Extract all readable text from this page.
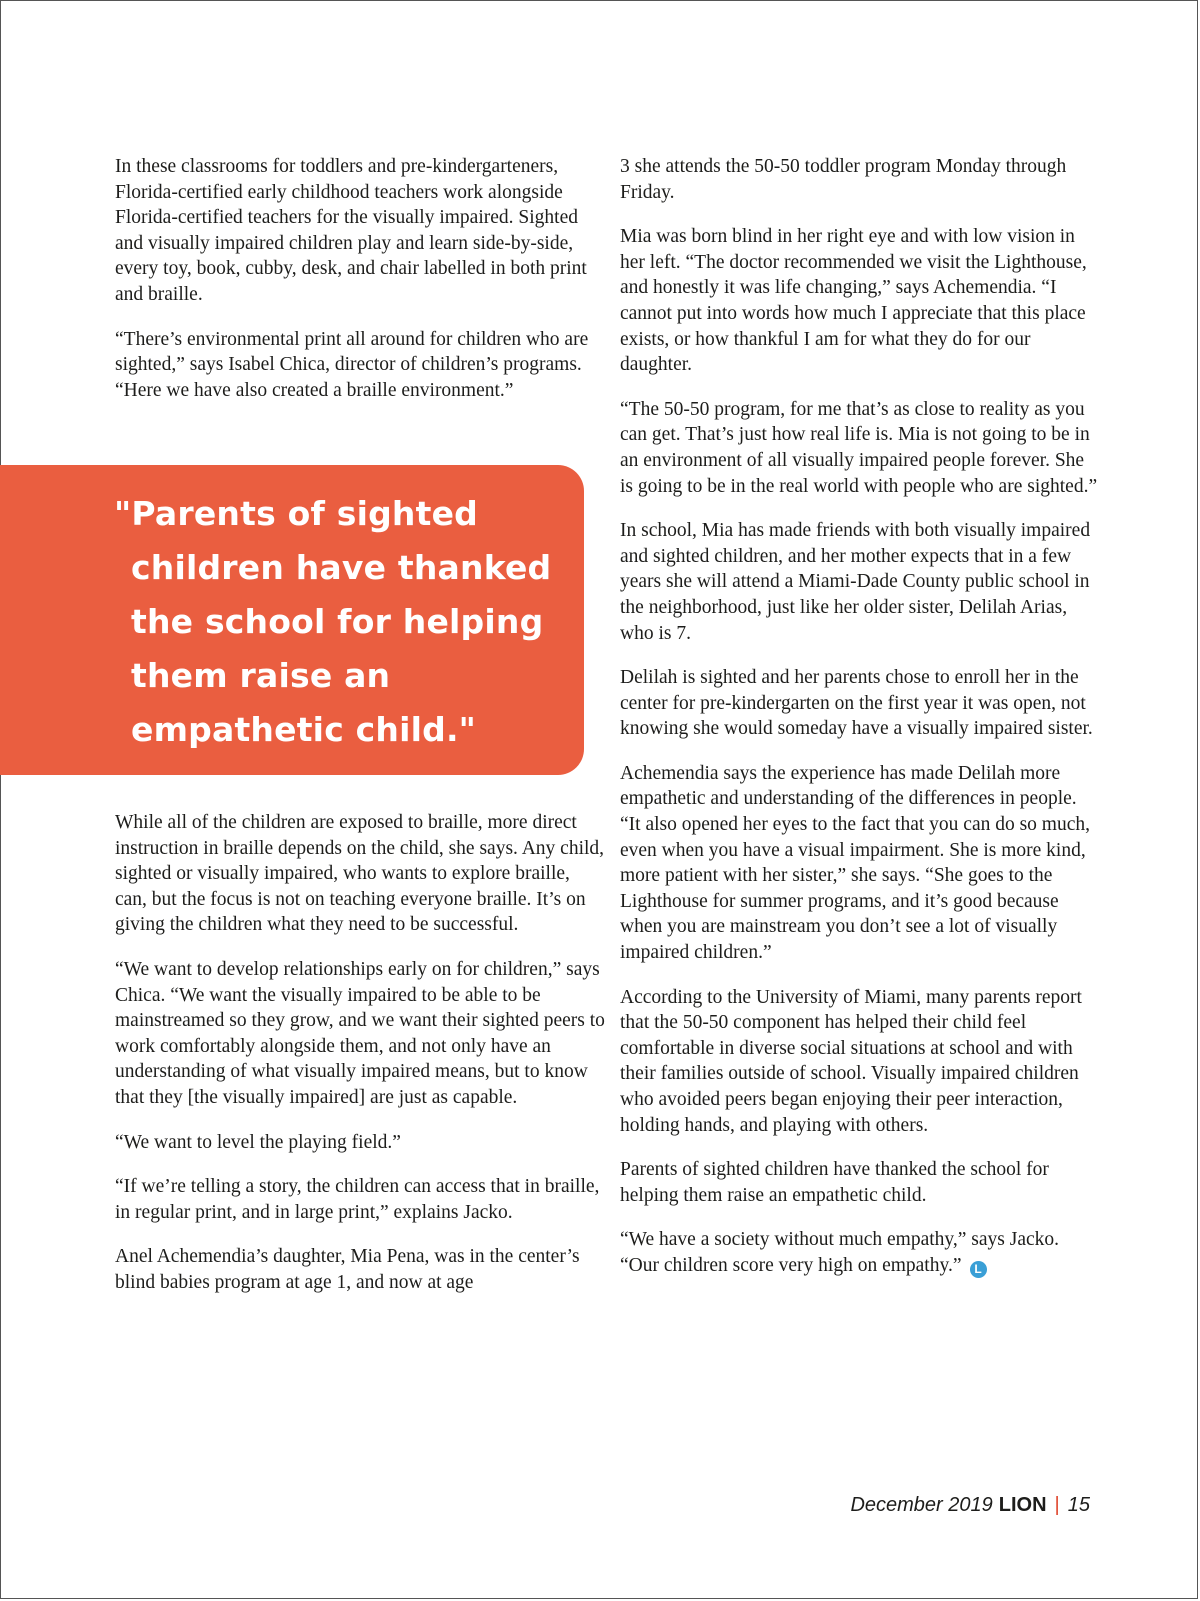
In these classrooms for toddlers and pre-kindergarteners, Florida-certified early childhood teachers work alongside Florida-certified teachers for the visually impaired. Sighted and visually impaired children play and learn side-by-side, every toy, book, cubby, desk, and chair labelled in both print and braille.

“There’s environmental print all around for children who are sighted,” says Isabel Chica, director of children’s programs. “Here we have also created a braille environment.”

"Parents of sighted
children have thanked
the school for helping
them raise an
empathetic child."

While all of the children are exposed to braille, more direct instruction in braille depends on the child, she says. Any child, sighted or visually impaired, who wants to explore braille, can, but the focus is not on teaching everyone braille. It’s on giving the children what they need to be successful.

“We want to develop relationships early on for children,” says Chica. “We want the visually impaired to be able to be mainstreamed so they grow, and we want their sighted peers to work comfortably alongside them, and not only have an understanding of what visually impaired means, but to know that they [the visually impaired] are just as capable.

“We want to level the playing field.”

“If we’re telling a story, the children can access that in braille, in regular print, and in large print,” explains Jacko.

Anel Achemendia’s daughter, Mia Pena, was in the center’s blind babies program at age 1, and now at age

3 she attends the 50-50 toddler program Monday through Friday.

Mia was born blind in her right eye and with low vision in her left. “The doctor recommended we visit the Lighthouse, and honestly it was life changing,” says Achemendia. “I cannot put into words how much I appreciate that this place exists, or how thankful I am for what they do for our daughter.

“The 50-50 program, for me that’s as close to reality as you can get. That’s just how real life is. Mia is not going to be in an environment of all visually impaired people forever. She is going to be in the real world with people who are sighted.”

In school, Mia has made friends with both visually impaired and sighted children, and her mother expects that in a few years she will attend a Miami-Dade County public school in the neighborhood, just like her older sister, Delilah Arias, who is 7.

Delilah is sighted and her parents chose to enroll her in the center for pre-kindergarten on the first year it was open, not knowing she would someday have a visually impaired sister.

Achemendia says the experience has made Delilah more empathetic and understanding of the differences in people. “It also opened her eyes to the fact that you can do so much, even when you have a visual impairment. She is more kind, more patient with her sister,” she says. “She goes to the Lighthouse for summer programs, and it’s good because when you are mainstream you don’t see a lot of visually impaired children.”

According to the University of Miami, many parents report that the 50-50 component has helped their child feel comfortable in diverse social situations at school and with their families outside of school. Visually impaired children who avoided peers began enjoying their peer interaction, holding hands, and playing with others.

Parents of sighted children have thanked the school for helping them raise an empathetic child.

“We have a society without much empathy,” says Jacko. “Our children score very high on empathy.” L

December 2019 LION | 15
